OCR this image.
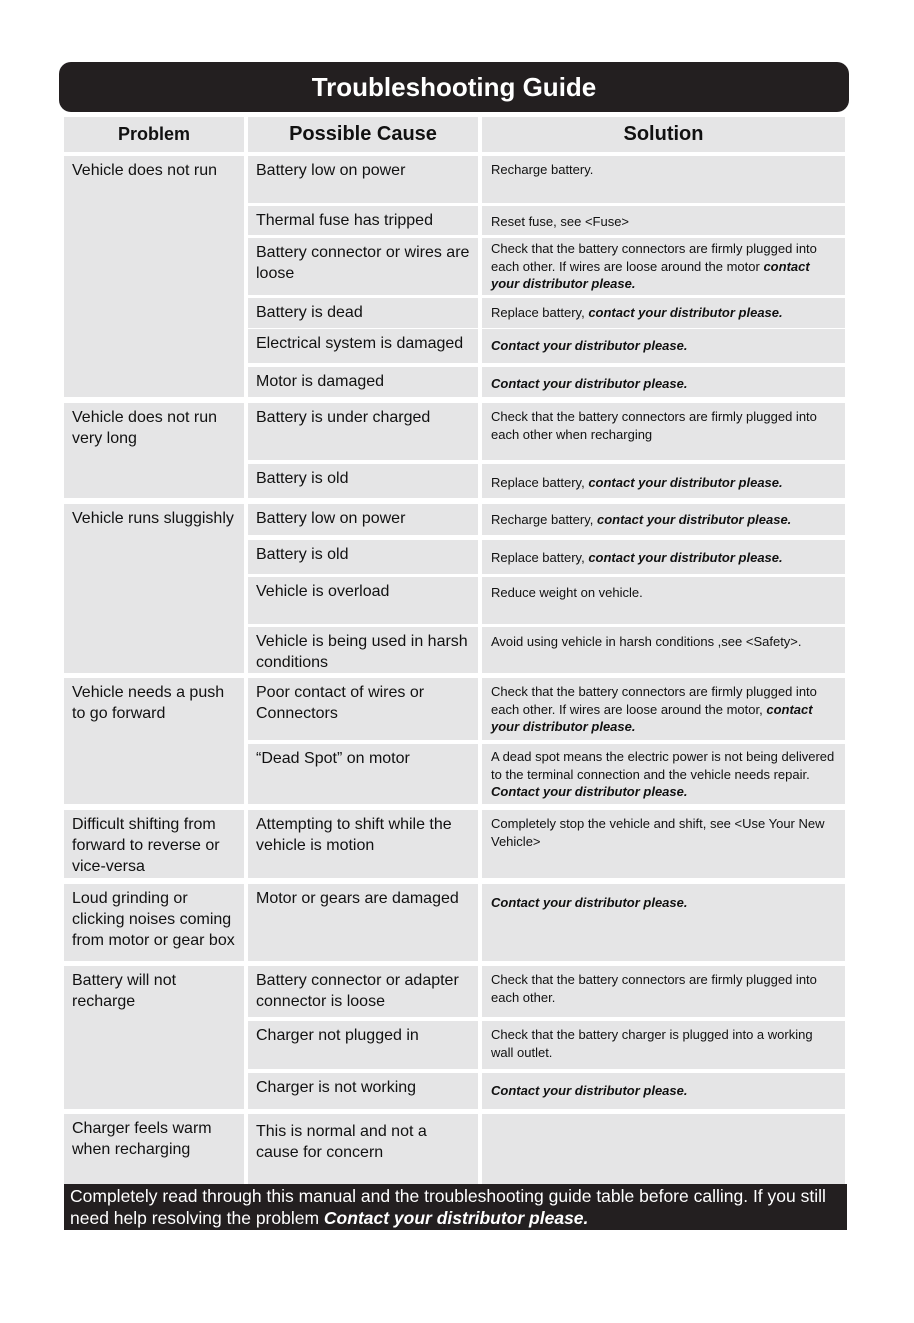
Troubleshooting Guide
Problem	Possible Cause	Solution
Vehicle does not run
Vehicle does not run very long
Vehicle runs sluggishly
Vehicle needs a push to go forward
Difficult shifting from forward to reverse or vice-versa
Loud grinding or clicking noises coming from motor or gear box
Battery will not recharge
Charger feels warm when recharging
Battery low on power
Thermal fuse has tripped
Battery connector or wires are loose
Battery is dead
Electrical system is damaged
Motor is damaged
Battery is under charged
Battery is old
Battery low on power
Battery is old
Vehicle is overload
Vehicle is being used in harsh conditions
Poor contact of wires or Connectors
“Dead Spot” on motor
Attempting to shift while the vehicle is motion
Motor or gears are damaged
Battery connector or adapter connector is loose
Charger not plugged in
Charger is not working
This is normal and not a cause for concern
Recharge battery.
Reset fuse, see <Fuse>
Check that the battery connectors are firmly plugged into each other. If wires are loose around the motor contact your distributor please.
Replace battery, contact your distributor please.
Contact your distributor please.
Contact your distributor please.
Check that the battery connectors are firmly plugged into each other when recharging
Replace battery, contact your distributor please.
Recharge battery, contact your distributor please.
Replace battery, contact your distributor please.
Reduce weight on vehicle.
Avoid using vehicle in harsh conditions ,see <Safety>.
Check that the battery connectors are firmly plugged into each other. If wires are loose around the motor, contact your distributor please.
A dead spot means the electric power is not being delivered to the terminal connection and the vehicle needs repair. Contact your distributor please.
Completely stop the vehicle and shift, see <Use Your New Vehicle>
Contact your distributor please.
Check that the battery connectors are firmly plugged into each other.
Check that the battery charger is plugged into a working wall outlet.
Contact your distributor please.
Completely read through this manual and the troubleshooting guide table before calling. If you still need help resolving the problem Contact your distributor please.
